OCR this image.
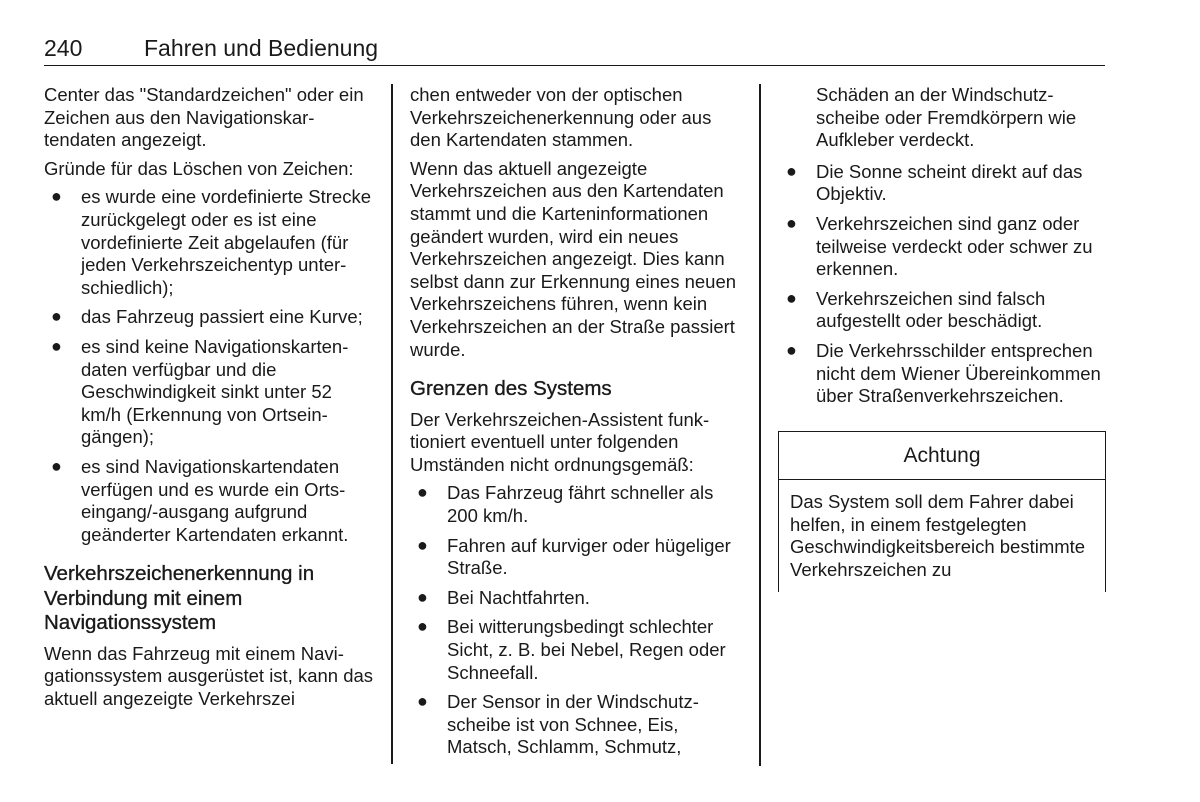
240	Fahren und Bedienung

Center das "Standardzeichen" oder ein Zeichen aus den Navigationskartendaten angezeigt.

Gründe für das Löschen von Zeichen:

● es wurde eine vordefinierte Strecke zurückgelegt oder es ist eine vordefinierte Zeit abgelaufen (für jeden Verkehrszeichentyp unterschiedlich);
● das Fahrzeug passiert eine Kurve;
● es sind keine Navigationskartendaten verfügbar und die Geschwindigkeit sinkt unter 52 km/h (Erkennung von Ortseingängen);
● es sind Navigationskartendaten verfügen und es wurde ein Ortseingang/-ausgang aufgrund geänderter Kartendaten erkannt.
Verkehrszeichenerkennung in Verbindung mit einem Navigationssystem

Wenn das Fahrzeug mit einem Navigationssystem ausgerüstet ist, kann das aktuell angezeigte Verkehrszei

chen entweder von der optischen Verkehrszeichenerkennung oder aus den Kartendaten stammen.

Wenn das aktuell angezeigte Verkehrszeichen aus den Kartendaten stammt und die Karteninformationen geändert wurden, wird ein neues Verkehrszeichen angezeigt. Dies kann selbst dann zur Erkennung eines neuen Verkehrszeichens führen, wenn kein Verkehrszeichen an der Straße passiert wurde.

Grenzen des Systems

Der Verkehrszeichen-Assistent funktioniert eventuell unter folgenden Umständen nicht ordnungsgemäß:

● Das Fahrzeug fährt schneller als 200 km/h.
● Fahren auf kurviger oder hügeliger Straße.
● Bei Nachtfahrten.
● Bei witterungsbedingt schlechter Sicht, z. B. bei Nebel, Regen oder Schneefall.
● Der Sensor in der Windschutzscheibe ist von Schnee, Eis, Matsch, Schlamm, Schmutz,

Schäden an der Windschutzscheibe oder Fremdkörpern wie Aufkleber verdeckt.

● Die Sonne scheint direkt auf das Objektiv.
● Verkehrszeichen sind ganz oder teilweise verdeckt oder schwer zu erkennen.
● Verkehrszeichen sind falsch aufgestellt oder beschädigt.
● Die Verkehrsschilder entsprechen nicht dem Wiener Übereinkommen über Straßenverkehrszeichen.
Achtung
Das System soll dem Fahrer dabei helfen, in einem festgelegten Geschwindigkeitsbereich bestimmte Verkehrszeichen zu
